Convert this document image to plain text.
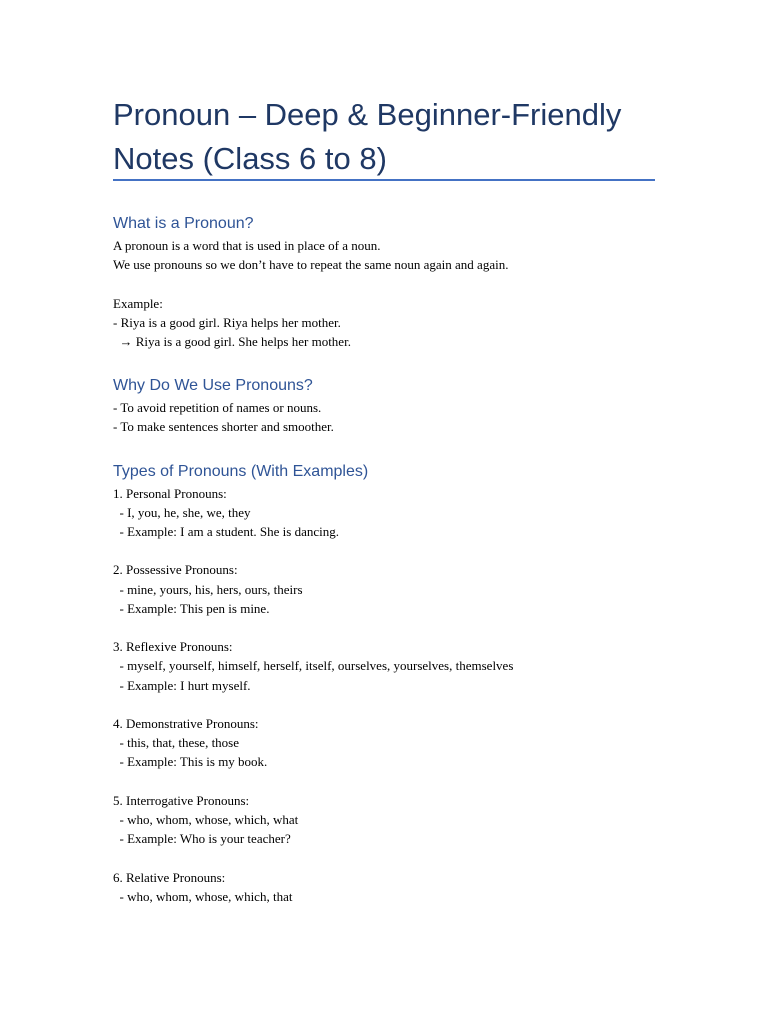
Pronoun – Deep & Beginner-Friendly Notes (Class 6 to 8)
What is a Pronoun?

A pronoun is a word that is used in place of a noun.

We use pronouns so we don’t have to repeat the same noun again and again.

Example:

- Riya is a good girl. Riya helps her mother.

→ Riya is a good girl. She helps her mother.

Why Do We Use Pronouns?

- To avoid repetition of names or nouns.

- To make sentences shorter and smoother.

Types of Pronouns (With Examples)

1. Personal Pronouns:

- I, you, he, she, we, they

- Example: I am a student. She is dancing.

2. Possessive Pronouns:

- mine, yours, his, hers, ours, theirs

- Example: This pen is mine.

3. Reflexive Pronouns:

- myself, yourself, himself, herself, itself, ourselves, yourselves, themselves

- Example: I hurt myself.

4. Demonstrative Pronouns:

- this, that, these, those

- Example: This is my book.

5. Interrogative Pronouns:

- who, whom, whose, which, what

- Example: Who is your teacher?

6. Relative Pronouns:

- who, whom, whose, which, that
